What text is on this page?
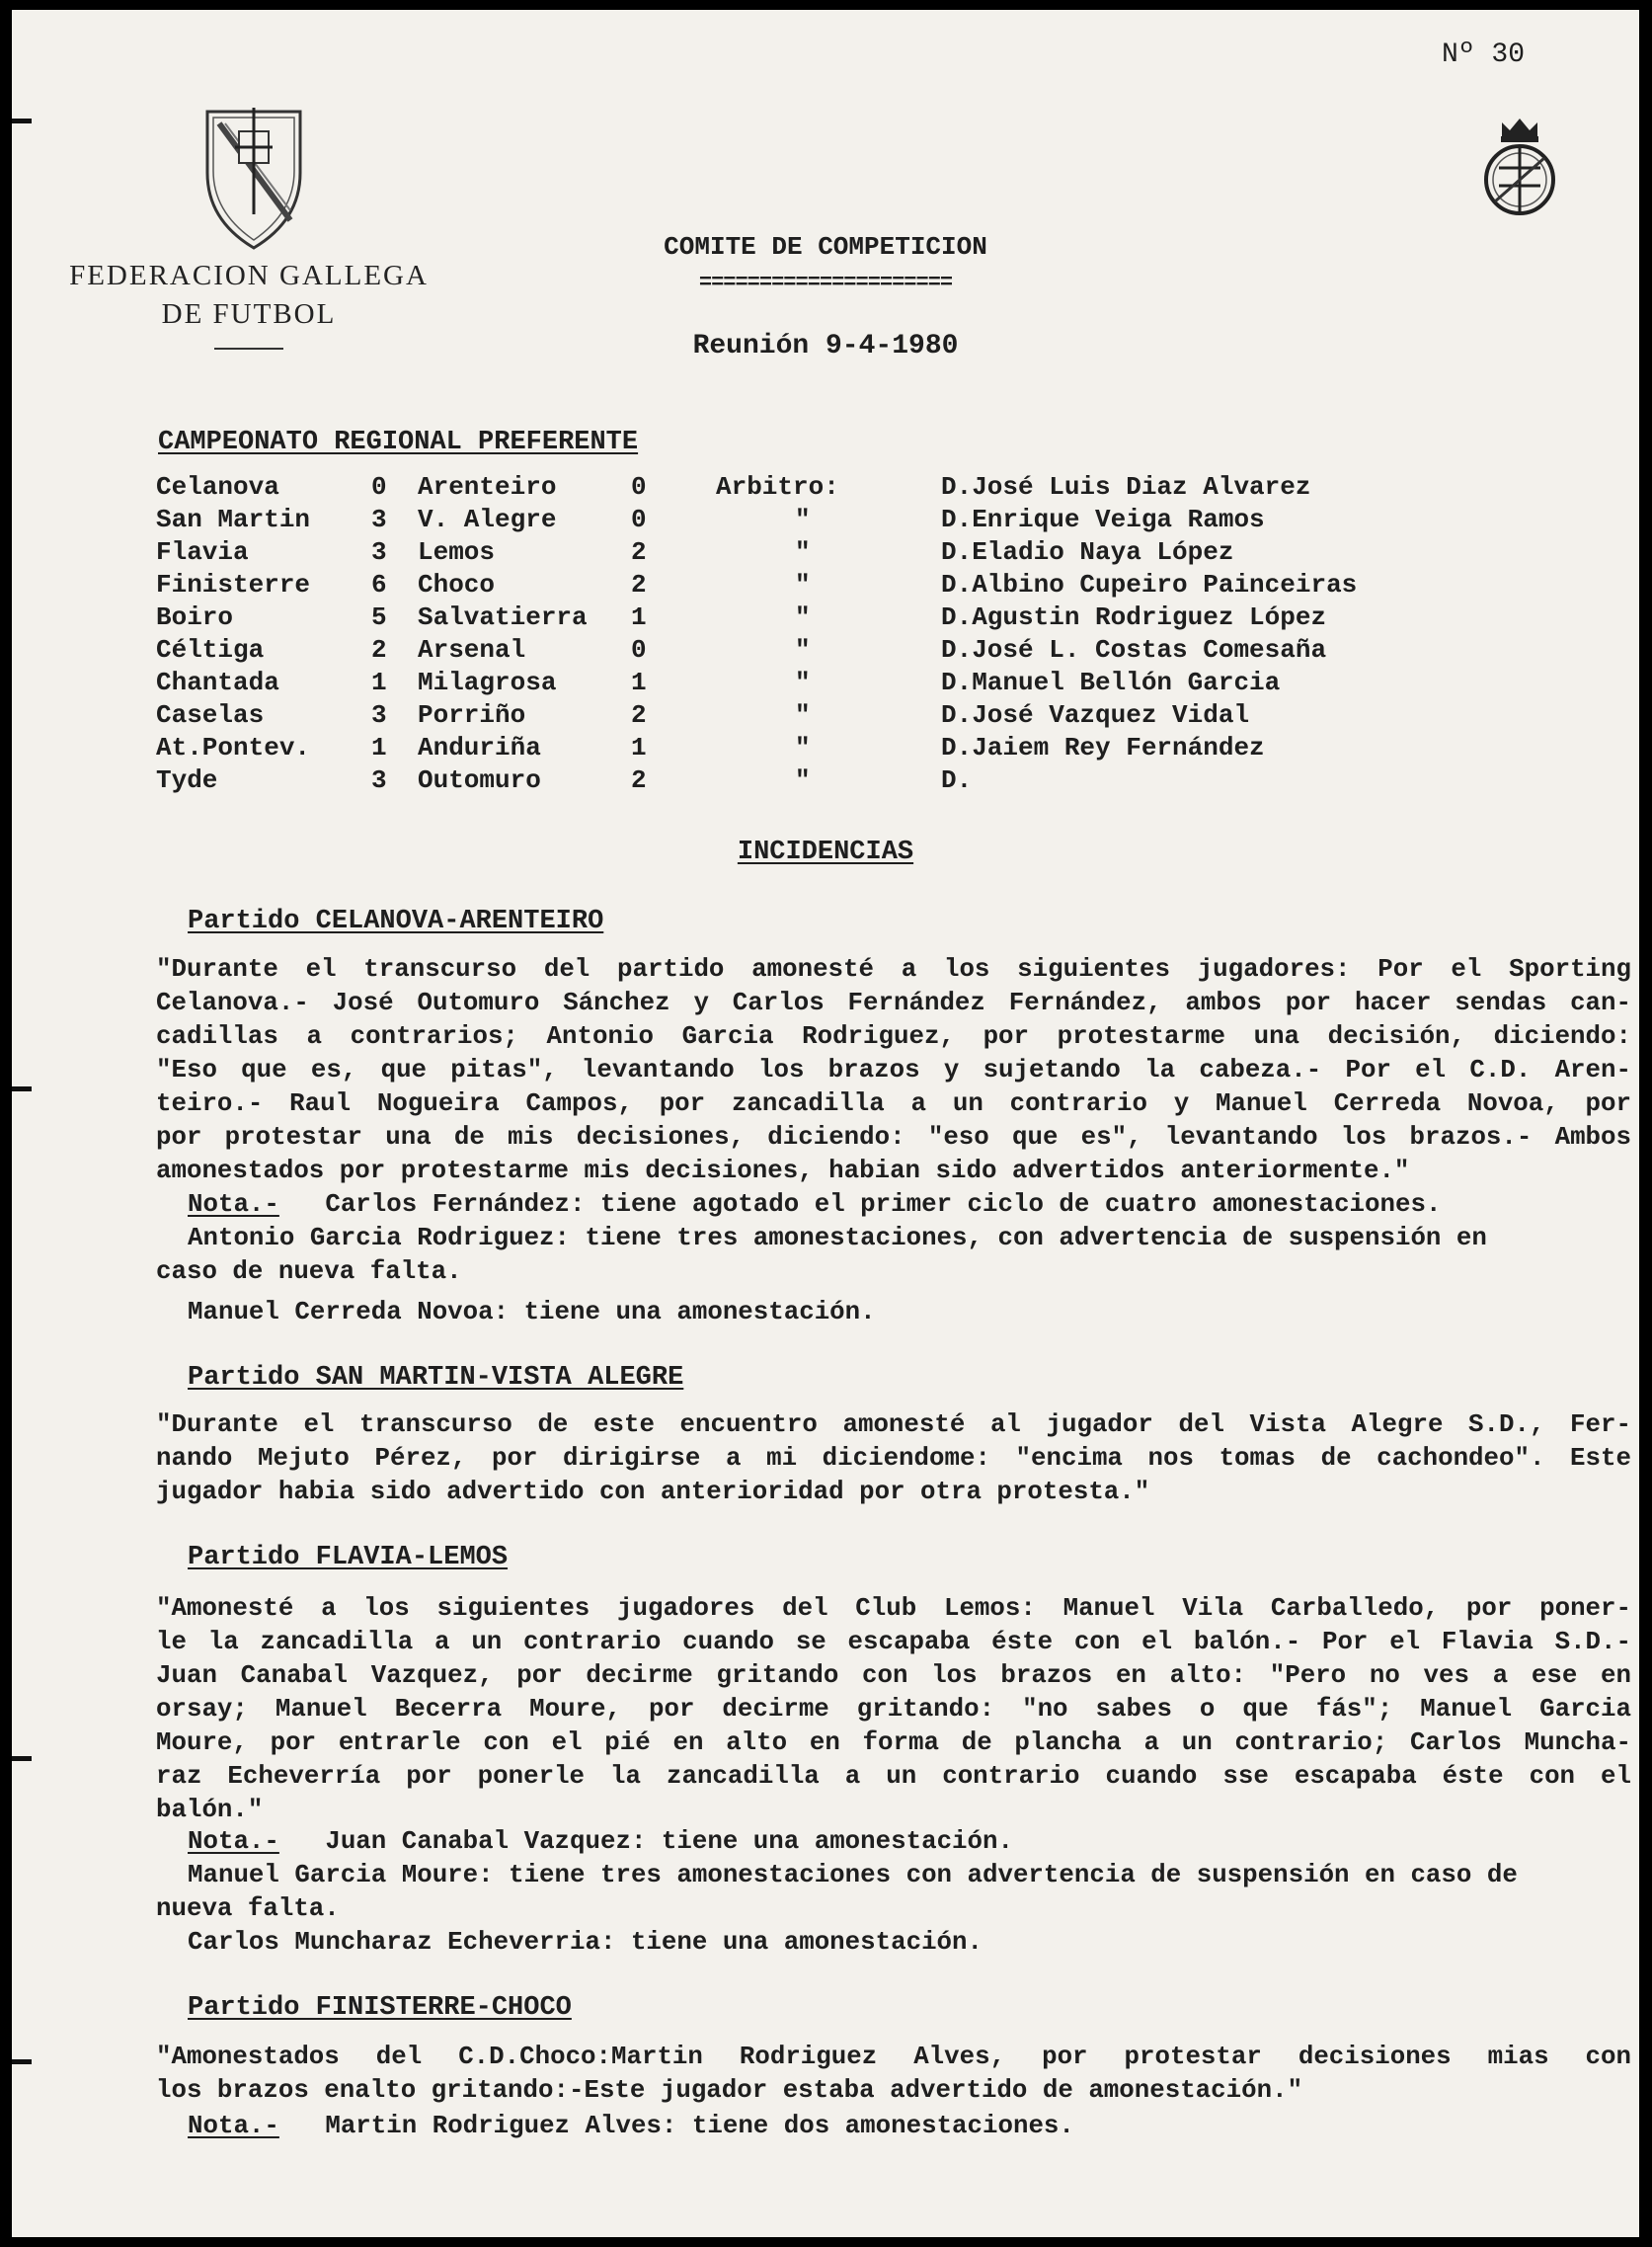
Nº 30
FEDERACION GALLEGA
DE FUTBOL
COMITE DE COMPETICION
=====================
Reunión 9-4-1980
CAMPEONATO REGIONAL PREFERENTE
Celanova	0	Arenteiro	0	Arbitro:	D.José Luis Diaz Alvarez
San Martin	3	V. Alegre	0	"	D.Enrique Veiga Ramos
Flavia	3	Lemos	2	"	D.Eladio Naya López
Finisterre	6	Choco	2	"	D.Albino Cupeiro Painceiras
Boiro	5	Salvatierra	1	"	D.Agustin Rodriguez López
Céltiga	2	Arsenal	0	"	D.José L. Costas Comesaña
Chantada	1	Milagrosa	1	"	D.Manuel Bellón Garcia
Caselas	3	Porriño	2	"	D.José Vazquez Vidal
At.Pontev.	1	Anduriña	1	"	D.Jaiem Rey Fernández
Tyde	3	Outomuro	2	"	D.
INCIDENCIAS
Partido CELANOVA-ARENTEIRO
"Durante el transcurso del partido amonesté a los siguientes jugadores: Por el Sporting
Celanova.- José Outomuro Sánchez y Carlos Fernández Fernández, ambos por hacer sendas can-
cadillas a contrarios; Antonio Garcia Rodriguez, por protestarme una decisión, diciendo:
"Eso que es, que pitas", levantando los brazos y sujetando la cabeza.- Por el C.D. Aren-
teiro.- Raul Nogueira Campos, por zancadilla a un contrario y Manuel Cerreda Novoa, por
por protestar una de mis decisiones, diciendo: "eso que es", levantando los brazos.- Ambos
amonestados por protestarme mis decisiones, habian sido advertidos anteriormente."
Nota.- Carlos Fernández: tiene agotado el primer ciclo de cuatro amonestaciones.
Antonio Garcia Rodriguez: tiene tres amonestaciones, con advertencia de suspensión en
caso de nueva falta.
Manuel Cerreda Novoa: tiene una amonestación.
Partido SAN MARTIN-VISTA ALEGRE
"Durante el transcurso de este encuentro amonesté al jugador del Vista Alegre S.D., Fer-
nando Mejuto Pérez, por dirigirse a mi diciendome: "encima nos tomas de cachondeo". Este
jugador habia sido advertido con anterioridad por otra protesta."
Partido FLAVIA-LEMOS
"Amonesté a los siguientes jugadores del Club Lemos: Manuel Vila Carballedo, por poner-
le la zancadilla a un contrario cuando se escapaba éste con el balón.- Por el Flavia S.D.-
Juan Canabal Vazquez, por decirme gritando con los brazos en alto: "Pero no ves a ese en
orsay; Manuel Becerra Moure, por decirme gritando: "no sabes o que fás"; Manuel Garcia
Moure, por entrarle con el pié en alto en forma de plancha a un contrario; Carlos Muncha-
raz Echeverría por ponerle la zancadilla a un contrario cuando sse escapaba éste con el
balón."
Nota.- Juan Canabal Vazquez: tiene una amonestación.
Manuel Garcia Moure: tiene tres amonestaciones con advertencia de suspensión en caso de
nueva falta.
Carlos Muncharaz Echeverria: tiene una amonestación.
Partido FINISTERRE-CHOCO
"Amonestados del C.D.Choco:Martin Rodriguez Alves, por protestar decisiones mias con
los brazos enalto gritando:-Este jugador estaba advertido de amonestación."
Nota.- Martin Rodriguez Alves: tiene dos amonestaciones.
